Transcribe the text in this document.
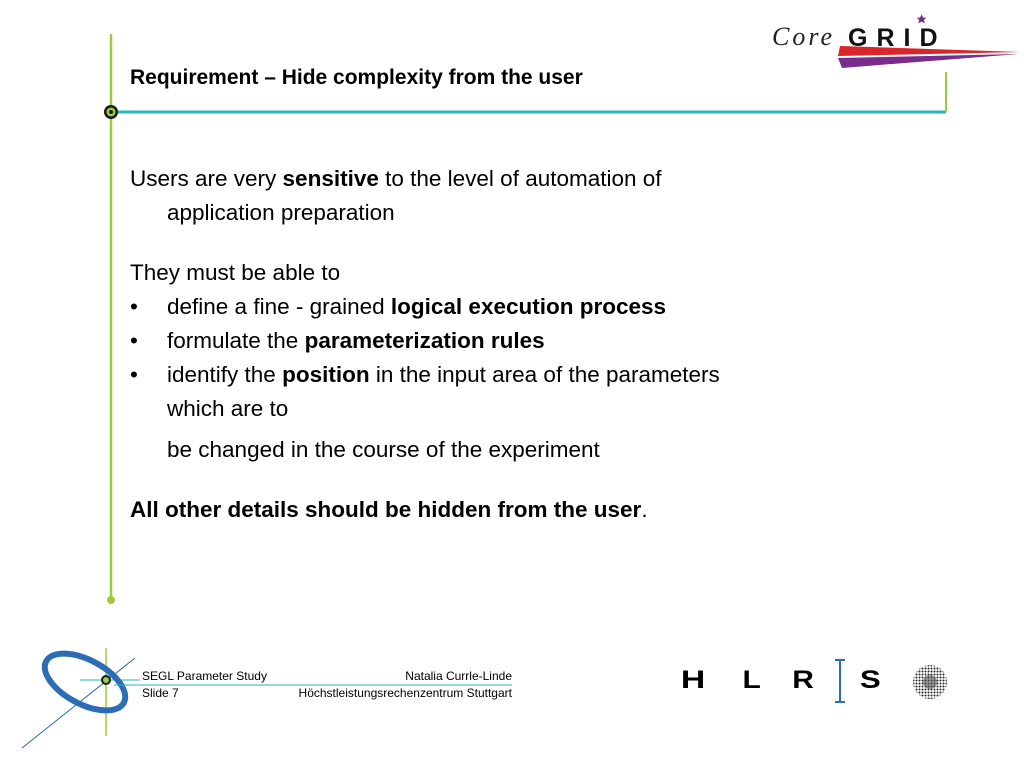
Core GRID
Requirement – Hide complexity from the user

Users are very sensitive to the level of automation of
application preparation

They must be able to

• define a fine - grained logical execution process

• formulate the parameterization rules

• identify the position in the input area of the parameters
which are to

be changed in the course of the experiment

All other details should be hidden from the user.

SEGL Parameter Study	Natalia Currle-Linde
Slide 7	Höchstleistungsrechenzentrum Stuttgart	H L R S
